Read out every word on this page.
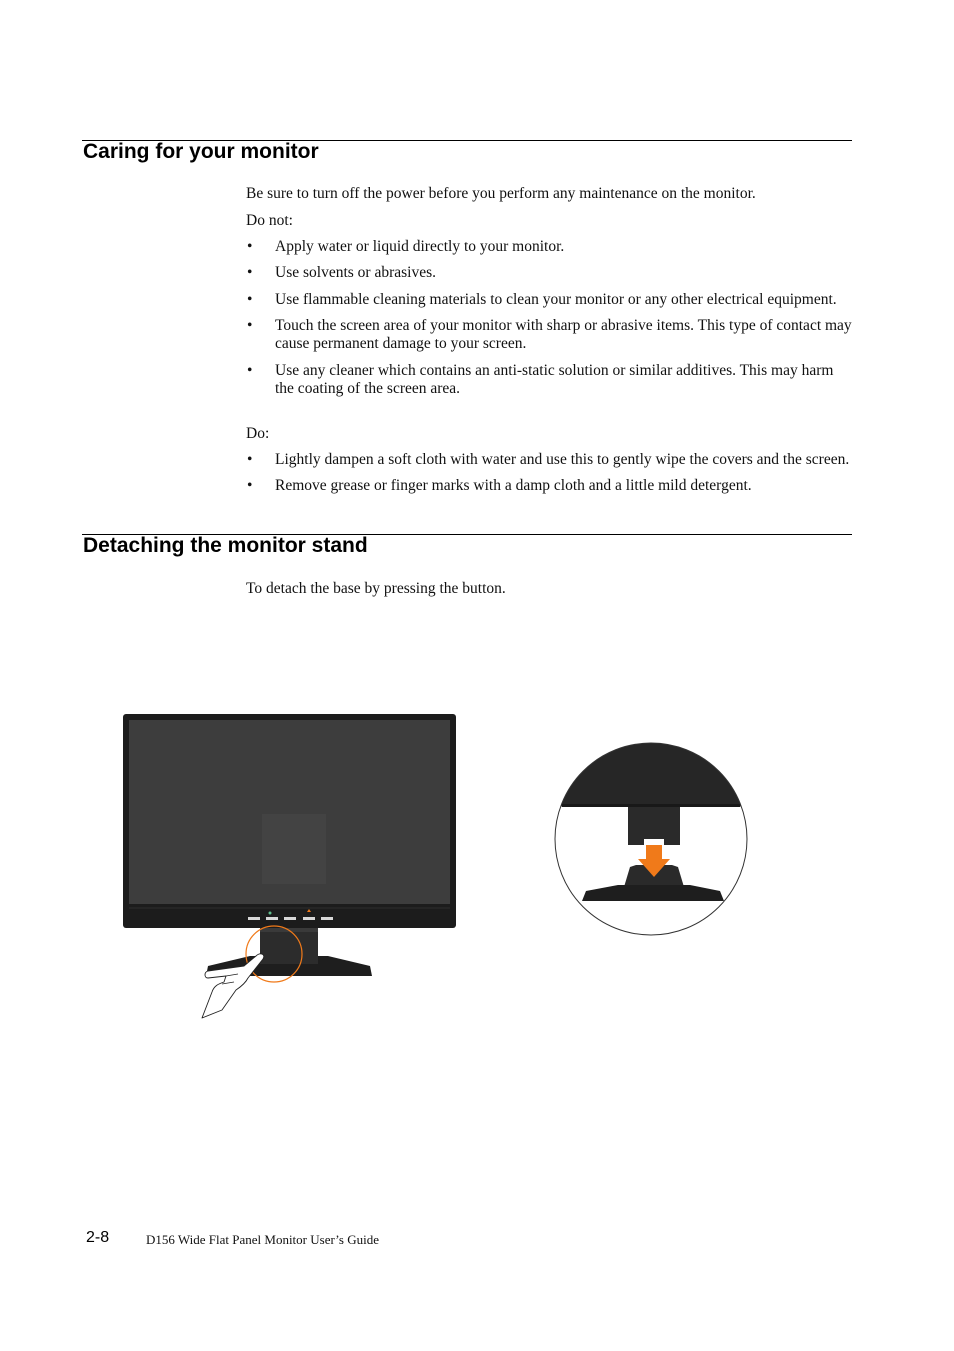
Caring for your monitor
Be sure to turn off the power before you perform any maintenance on the monitor.
Do not:
• Apply water or liquid directly to your monitor.
• Use solvents or abrasives.
• Use flammable cleaning materials to clean your monitor or any other electrical equipment.
• Touch the screen area of your monitor with sharp or abrasive items. This type of contact may cause permanent damage to your screen.
• Use any cleaner which contains an anti-static solution or similar additives. This may harm the coating of the screen area.
Do:
• Lightly dampen a soft cloth with water and use this to gently wipe the covers and the screen.
• Remove grease or finger marks with a damp cloth and a little mild detergent.
Detaching the monitor stand
To detach the base by pressing the button.
2-8	D156 Wide Flat Panel Monitor User’s Guide
